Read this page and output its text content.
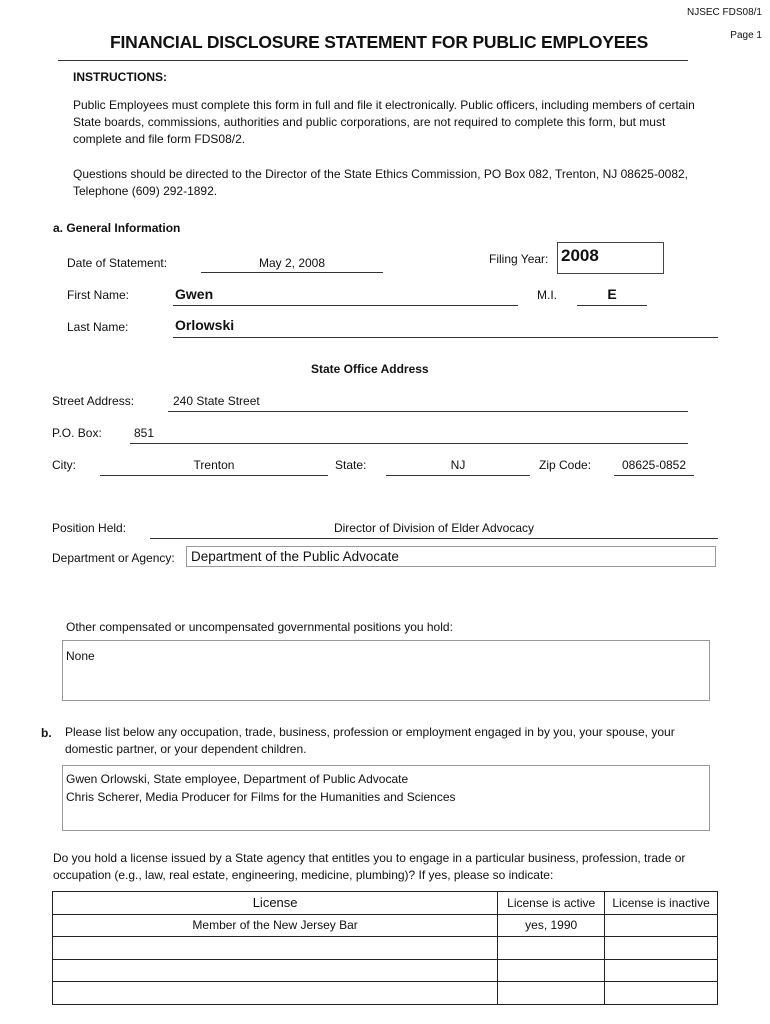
NJSEC FDS08/1
Page 1
FINANCIAL DISCLOSURE STATEMENT FOR PUBLIC EMPLOYEES
INSTRUCTIONS:
Public Employees must complete this form in full and file it electronically. Public officers, including members of certain State boards, commissions, authorities and public corporations, are not required to complete this form, but must complete and file form FDS08/2.
Questions should be directed to the Director of the State Ethics Commission, PO Box 082, Trenton, NJ 08625-0082, Telephone (609) 292-1892.
a. General Information
Date of Statement:	May 2, 2008	Filing Year: 2008
First Name:	Gwen	M.I.	E
Last Name:	Orlowski
State Office Address
Street Address:	240 State Street
P.O. Box:	851
City:	Trenton	State:	NJ	Zip Code:	08625-0852
Position Held:	Director of Division of Elder Advocacy
Department or Agency: Department of the Public Advocate
Other compensated or uncompensated governmental positions you hold:
None
b. Please list below any occupation, trade, business, profession or employment engaged in by you, your spouse, your domestic partner, or your dependent children.
Gwen Orlowski, State employee, Department of Public Advocate
Chris Scherer, Media Producer for Films for the Humanities and Sciences
Do you hold a license issued by a State agency that entitles you to engage in a particular business, profession, trade or occupation (e.g., law, real estate, engineering, medicine, plumbing)? If yes, please so indicate:
License	License is active	License is inactive
Member of the New Jersey Bar	yes, 1990	
